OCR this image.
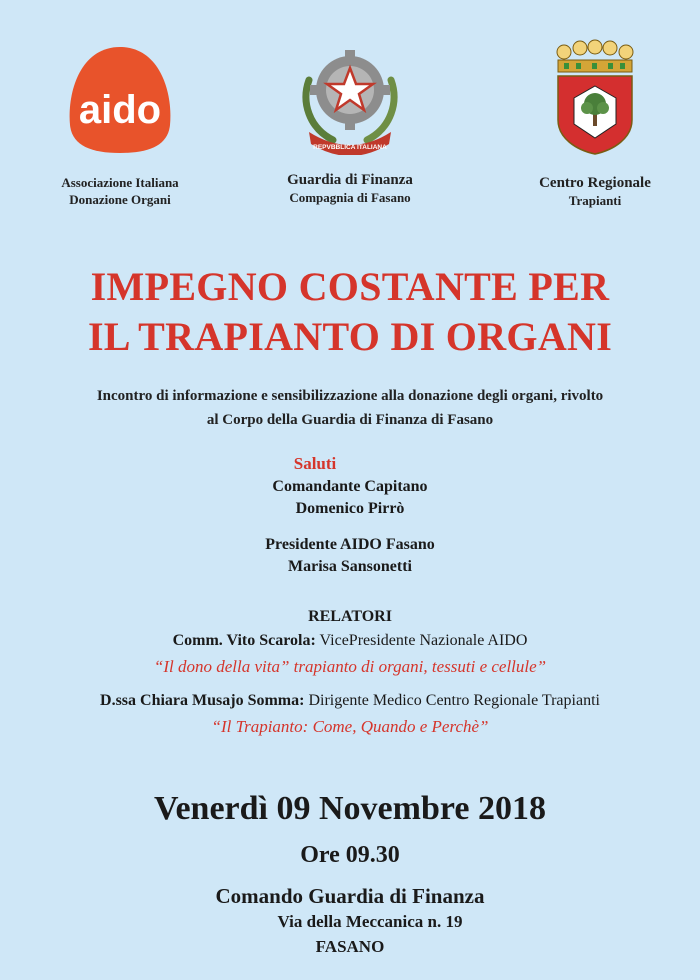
aido
Associazione Italiana
Donazione Organi
REPVBBLICA ITALIANA
Guardia di Finanza
Compagnia di Fasano
Centro Regionale
Trapianti
IMPEGNO COSTANTE PER
IL TRAPIANTO DI ORGANI
Incontro di informazione e sensibilizzazione alla donazione degli organi, rivolto
al Corpo della Guardia di Finanza di Fasano
Saluti
Comandante Capitano
Domenico Pirrò
Presidente AIDO Fasano
Marisa Sansonetti
RELATORI
Comm. Vito Scarola: VicePresidente Nazionale AIDO
“Il dono della vita” trapianto di organi, tessuti e cellule”
D.ssa Chiara Musajo Somma: Dirigente Medico Centro Regionale Trapianti
“Il Trapianto: Come, Quando e Perchè”
Venerdì 09 Novembre 2018
Ore 09.30
Comando Guardia di Finanza
Via della Meccanica n. 19
FASANO
